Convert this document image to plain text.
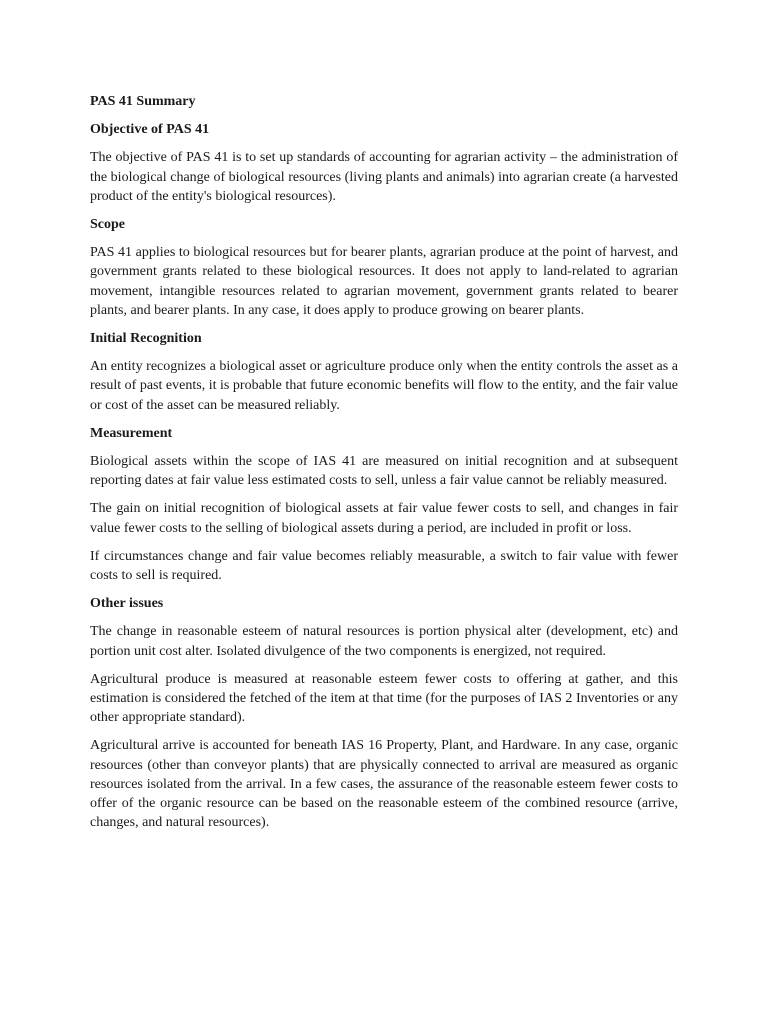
PAS 41 Summary

Objective of PAS 41

The objective of PAS 41 is to set up standards of accounting for agrarian activity – the administration of the biological change of biological resources (living plants and animals) into agrarian create (a harvested product of the entity's biological resources).

Scope

PAS 41 applies to biological resources but for bearer plants, agrarian produce at the point of harvest, and government grants related to these biological resources. It does not apply to land-related to agrarian movement, intangible resources related to agrarian movement, government grants related to bearer plants, and bearer plants. In any case, it does apply to produce growing on bearer plants.

Initial Recognition

An entity recognizes a biological asset or agriculture produce only when the entity controls the asset as a result of past events, it is probable that future economic benefits will flow to the entity, and the fair value or cost of the asset can be measured reliably.

Measurement

Biological assets within the scope of IAS 41 are measured on initial recognition and at subsequent reporting dates at fair value less estimated costs to sell, unless a fair value cannot be reliably measured.

The gain on initial recognition of biological assets at fair value fewer costs to sell, and changes in fair value fewer costs to the selling of biological assets during a period, are included in profit or loss.

If circumstances change and fair value becomes reliably measurable, a switch to fair value with fewer costs to sell is required.

Other issues

The change in reasonable esteem of natural resources is portion physical alter (development, etc) and portion unit cost alter. Isolated divulgence of the two components is energized, not required.

Agricultural produce is measured at reasonable esteem fewer costs to offering at gather, and this estimation is considered the fetched of the item at that time (for the purposes of IAS 2 Inventories or any other appropriate standard).

Agricultural arrive is accounted for beneath IAS 16 Property, Plant, and Hardware. In any case, organic resources (other than conveyor plants) that are physically connected to arrival are measured as organic resources isolated from the arrival. In a few cases, the assurance of the reasonable esteem fewer costs to offer of the organic resource can be based on the reasonable esteem of the combined resource (arrive, changes, and natural resources).
